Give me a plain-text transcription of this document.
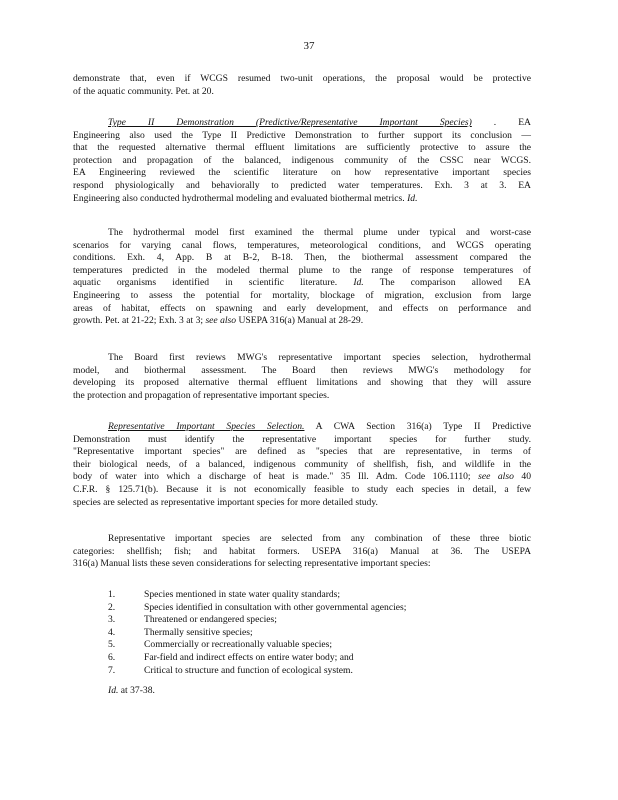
37
demonstrate that, even if WCGS resumed two-unit operations, the proposal would be protective
of the aquatic community. Pet. at 20.
Type II Demonstration (Predictive/Representative Important Species) . EA
Engineering also used the Type II Predictive Demonstration to further support its conclusion —
that the requested alternative thermal effluent limitations are sufficiently protective to assure the
protection and propagation of the balanced, indigenous community of the CSSC near WCGS.
EA Engineering reviewed the scientific literature on how representative important species
respond physiologically and behaviorally to predicted water temperatures. Exh. 3 at 3. EA
Engineering also conducted hydrothermal modeling and evaluated biothermal metrics. Id.
The hydrothermal model first examined the thermal plume under typical and worst-case
scenarios for varying canal flows, temperatures, meteorological conditions, and WCGS operating
conditions. Exh. 4, App. B at B-2, B-18. Then, the biothermal assessment compared the
temperatures predicted in the modeled thermal plume to the range of response temperatures of
aquatic organisms identified in scientific literature. Id. The comparison allowed EA
Engineering to assess the potential for mortality, blockage of migration, exclusion from large
areas of habitat, effects on spawning and early development, and effects on performance and
growth. Pet. at 21-22; Exh. 3 at 3; see also USEPA 316(a) Manual at 28-29.
The Board first reviews MWG's representative important species selection, hydrothermal
model, and biothermal assessment. The Board then reviews MWG's methodology for
developing its proposed alternative thermal effluent limitations and showing that they will assure
the protection and propagation of representative important species.
Representative Important Species Selection. A CWA Section 316(a) Type II Predictive
Demonstration must identify the representative important species for further study.
"Representative important species" are defined as "species that are representative, in terms of
their biological needs, of a balanced, indigenous community of shellfish, fish, and wildlife in the
body of water into which a discharge of heat is made." 35 Ill. Adm. Code 106.1110; see also 40
C.F.R. § 125.71(b). Because it is not economically feasible to study each species in detail, a few
species are selected as representative important species for more detailed study.
Representative important species are selected from any combination of these three biotic
categories: shellfish; fish; and habitat formers. USEPA 316(a) Manual at 36. The USEPA
316(a) Manual lists these seven considerations for selecting representative important species:
1.	Species mentioned in state water quality standards;
2.	Species identified in consultation with other governmental agencies;
3.	Threatened or endangered species;
4.	Thermally sensitive species;
5.	Commercially or recreationally valuable species;
6.	Far-field and indirect effects on entire water body; and
7.	Critical to structure and function of ecological system.
Id. at 37-38.
